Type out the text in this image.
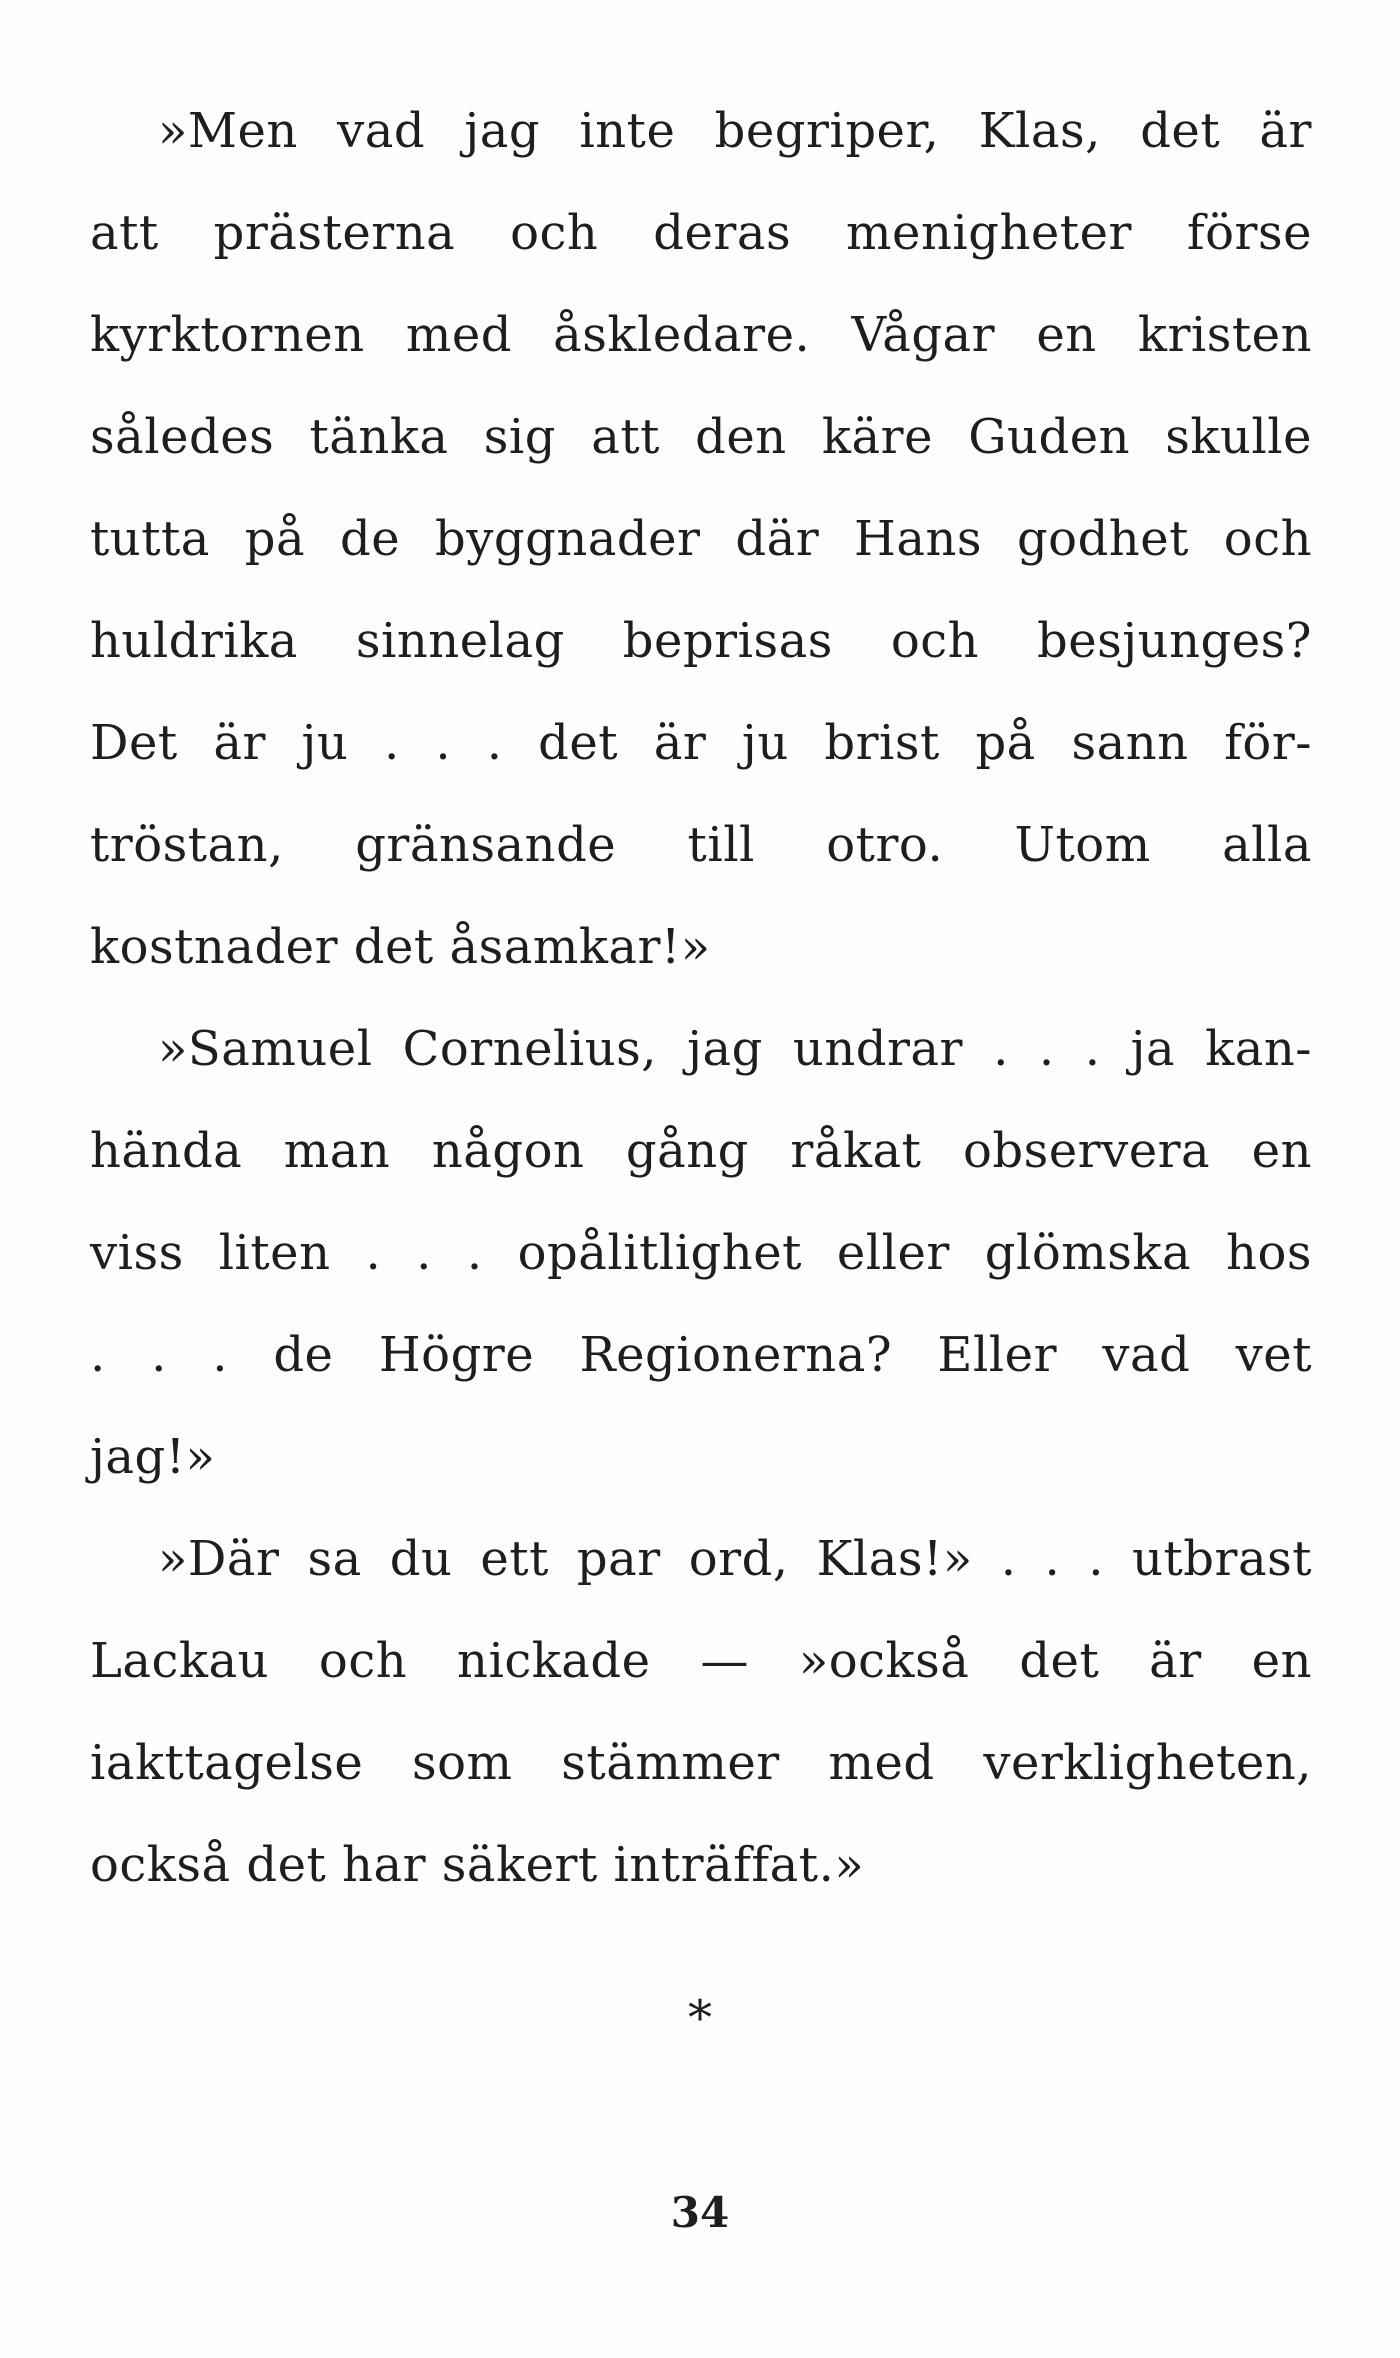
»Men vad jag inte begriper, Klas, det är
att prästerna och deras menigheter förse
kyrktornen med åskledare. Vågar en kristen
således tänka sig att den käre Guden skulle
tutta på de byggnader där Hans godhet och
huldrika sinnelag beprisas och besjunges?
Det är ju . . . det är ju brist på sann för-
tröstan, gränsande till otro. Utom alla
kostnader det åsamkar!»
»Samuel Cornelius, jag undrar . . . ja kan-
hända man någon gång råkat observera en
viss liten . . . opålitlighet eller glömska hos
. . . de Högre Regionerna? Eller vad vet
jag!»
»Där sa du ett par ord, Klas!» . . . utbrast
Lackau och nickade — »också det är en
iakttagelse som stämmer med verkligheten,
också det har säkert inträffat.»
*
34
